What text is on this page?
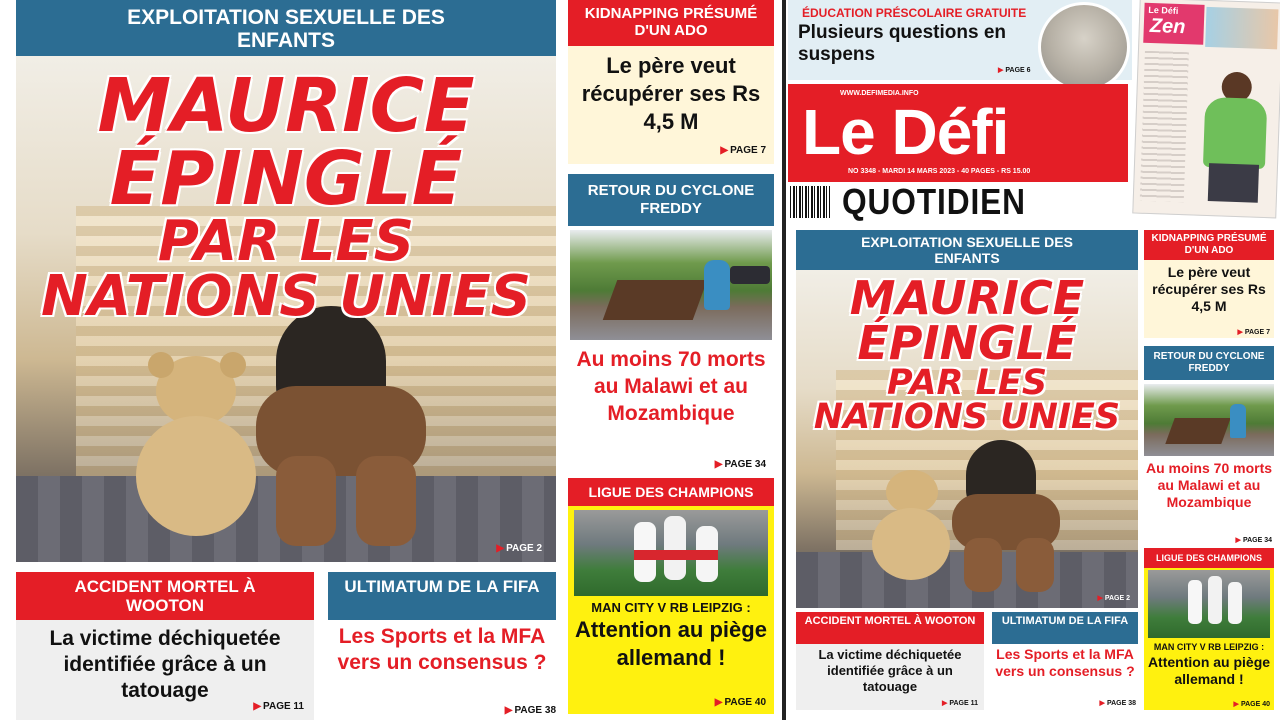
EXPLOITATION SEXUELLE DES ENFANTS
MAURICE
ÉPINGLÉ
PAR LES
NATIONS UNIES
▶ PAGE 2
ACCIDENT MORTEL À WOOTON
La victime déchiquetée identifiée grâce à un tatouage
▶ PAGE 11
ULTIMATUM DE LA FIFA
Les Sports et la MFA vers un consensus ?
▶ PAGE 38
KIDNAPPING PRÉSUMÉ D'UN ADO
Le père veut récupérer ses Rs 4,5 M
▶ PAGE 7
RETOUR DU CYCLONE FREDDY
Au moins 70 morts au Malawi et au Mozambique
▶ PAGE 34
LIGUE DES CHAMPIONS
MAN CITY V RB LEIPZIG :
Attention au piège allemand !
▶ PAGE 40
ÉDUCATION PRÉSCOLAIRE GRATUITE
Plusieurs questions en suspens
▶ PAGE 6
WWW.DEFIMEDIA.INFO
Le Défi
NO 3348 - MARDI 14 MARS 2023 - 40 PAGES - RS 15.00
QUOTIDIEN
Le Défi
Zen
EXPLOITATION SEXUELLE DES ENFANTS
MAURICE
ÉPINGLÉ
PAR LES
NATIONS UNIES
▶ PAGE 2
ACCIDENT MORTEL À WOOTON
La victime déchiquetée identifiée grâce à un tatouage
▶ PAGE 11
ULTIMATUM DE LA FIFA
Les Sports et la MFA vers un consensus ?
▶ PAGE 38
KIDNAPPING PRÉSUMÉ D'UN ADO
Le père veut récupérer ses Rs 4,5 M
▶ PAGE 7
RETOUR DU CYCLONE FREDDY
Au moins 70 morts au Malawi et au Mozambique
▶ PAGE 34
LIGUE DES CHAMPIONS
MAN CITY V RB LEIPZIG :
Attention au piège allemand !
▶ PAGE 40
